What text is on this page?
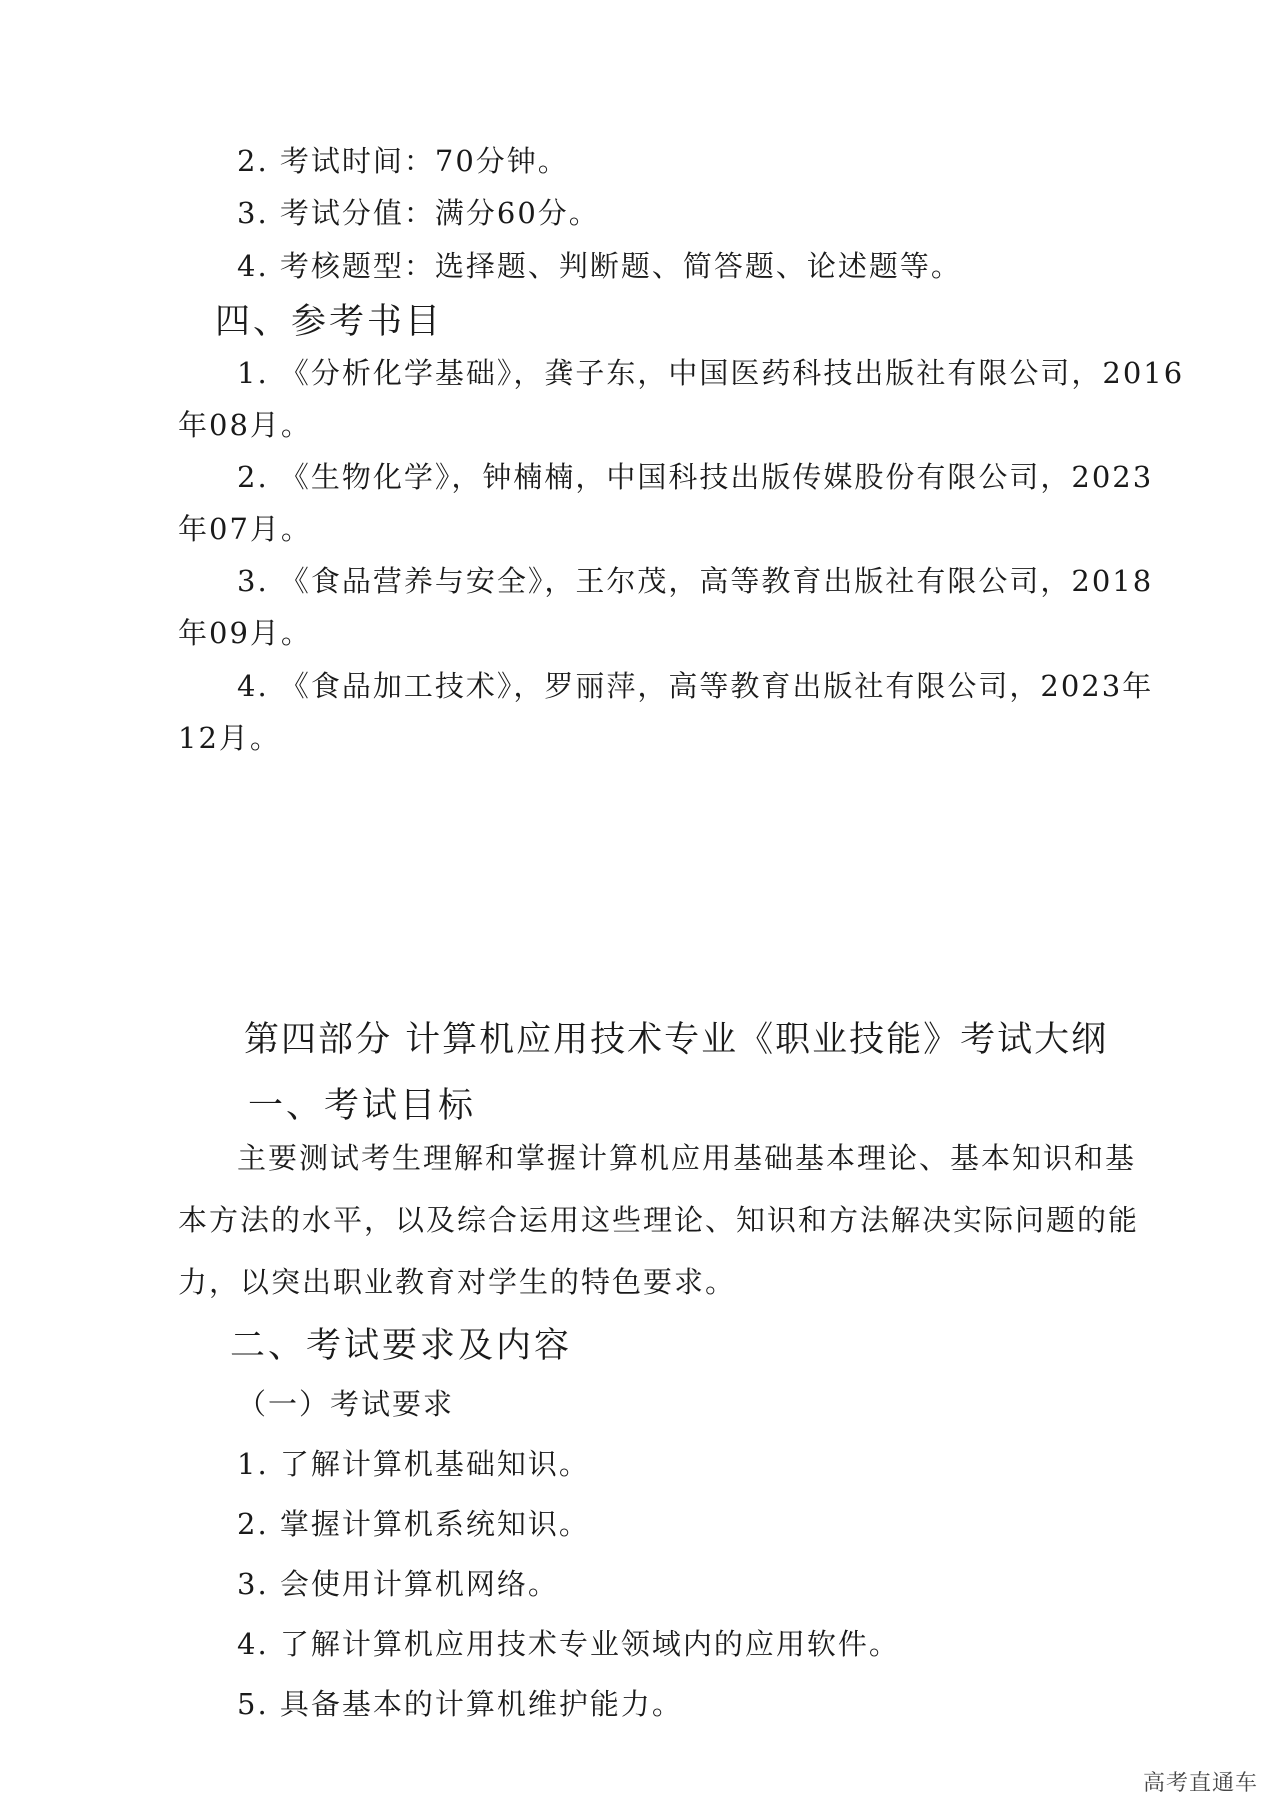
2. 考试时间：70分钟。
3. 考试分值：满分60分。
4. 考核题型：选择题、判断题、简答题、论述题等。
四、参考书目
1. 《分析化学基础》，龚子东，中国医药科技出版社有限公司，2016
年08月。
2. 《生物化学》，钟楠楠，中国科技出版传媒股份有限公司，2023
年07月。
3. 《食品营养与安全》，王尔茂，高等教育出版社有限公司，2018
年09月。
4. 《食品加工技术》，罗丽萍，高等教育出版社有限公司，2023年
12月。
第四部分 计算机应用技术专业《职业技能》考试大纲
一、考试目标
主要测试考生理解和掌握计算机应用基础基本理论、基本知识和基
本方法的水平，以及综合运用这些理论、知识和方法解决实际问题的能
力，以突出职业教育对学生的特色要求。
二、考试要求及内容
（一）考试要求
1. 了解计算机基础知识。
2. 掌握计算机系统知识。
3. 会使用计算机网络。
4. 了解计算机应用技术专业领域内的应用软件。
5. 具备基本的计算机维护能力。
高考直通车
